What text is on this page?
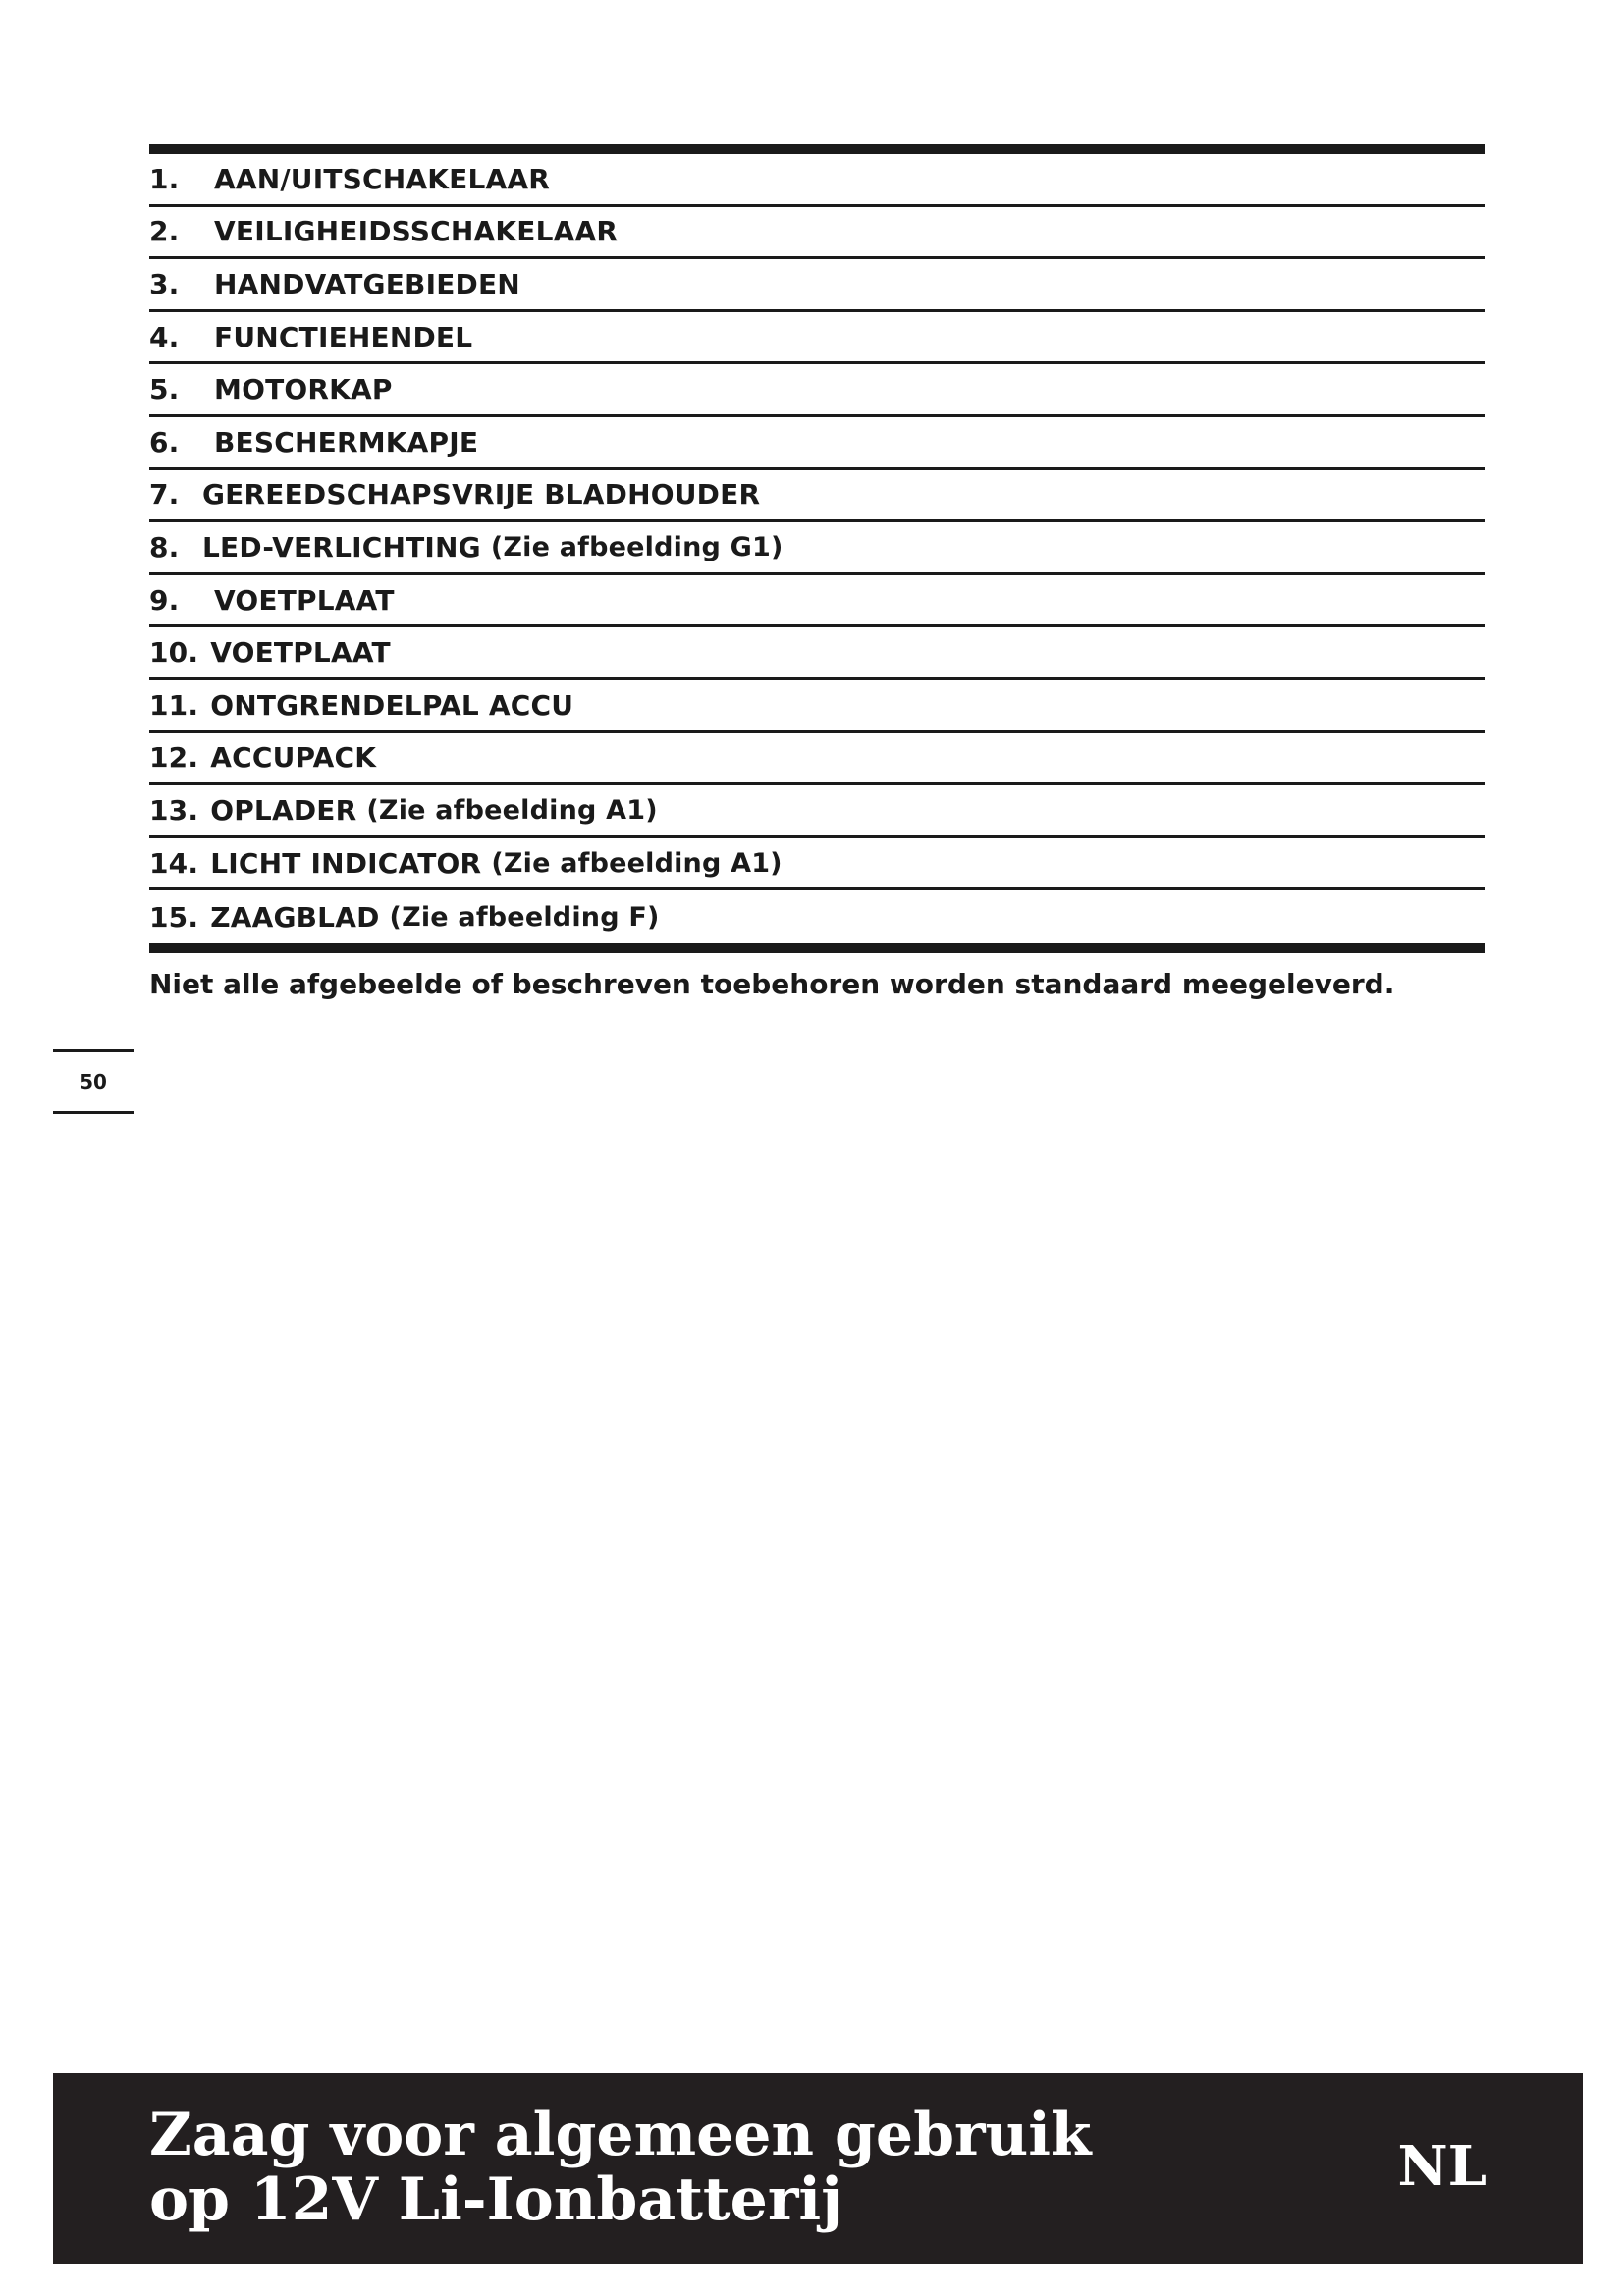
1.	AAN/UITSCHAKELAAR
2.	VEILIGHEIDSSCHAKELAAR
3.	HANDVATGEBIEDEN
4.	FUNCTIEHENDEL
5.	MOTORKAP
6.	BESCHERMKAPJE
7. GEREEDSCHAPSVRIJE BLADHOUDER
8. LED-VERLICHTING (Zie afbeelding G1)
9.	VOETPLAAT
10. VOETPLAAT
11. ONTGRENDELPAL ACCU
12. ACCUPACK
13. OPLADER (Zie afbeelding A1)
14. LICHT INDICATOR (Zie afbeelding A1)
15. ZAAGBLAD (Zie afbeelding F)
Niet alle afgebeelde of beschreven toebehoren worden standaard meegeleverd.
50
Zaag voor algemeen gebruik
op 12V Li-Ionbatterij	NL
